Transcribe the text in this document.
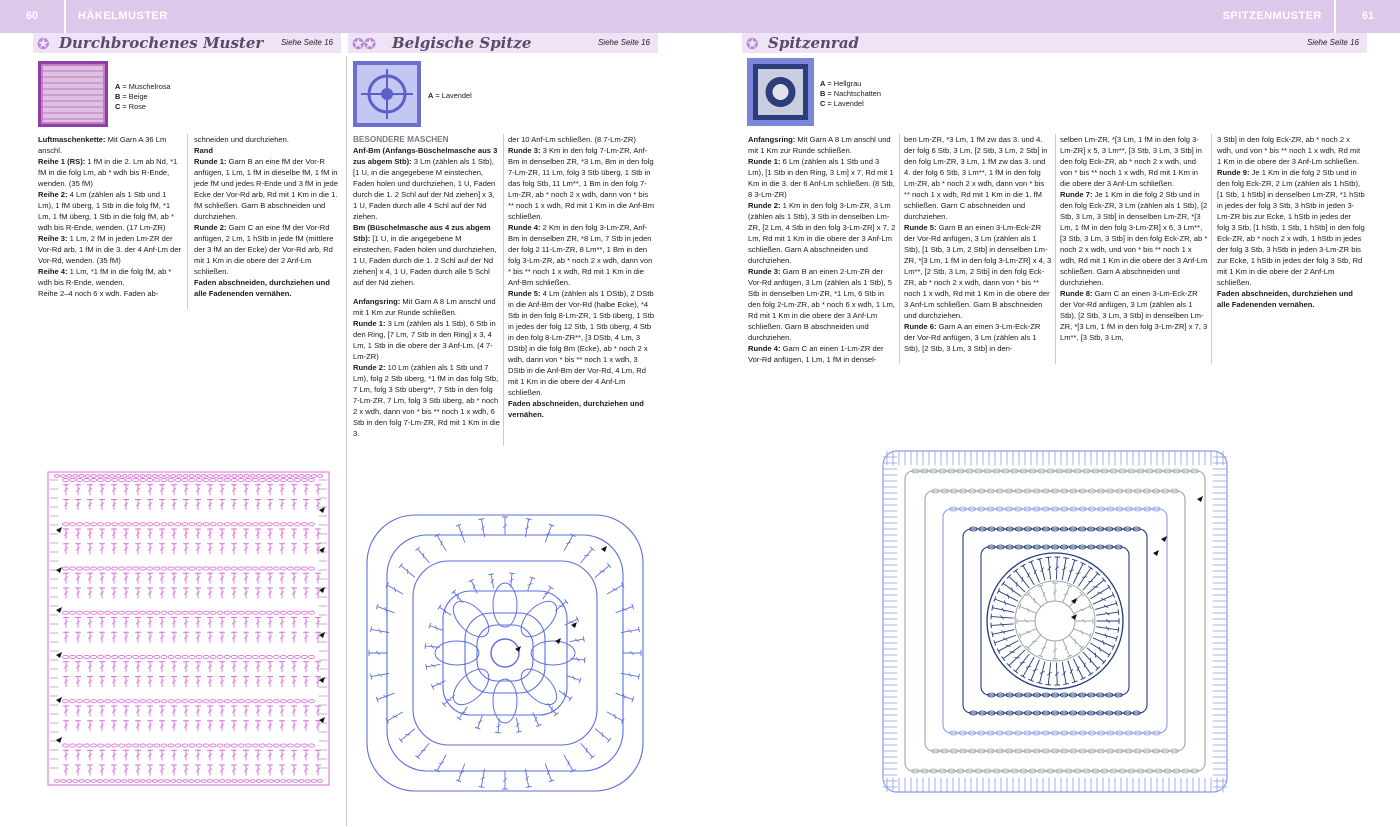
60	HÄKELMUSTER	SPITZENMUSTER	61
✪ Durchbrochenes Muster Siehe Seite 16 ✪✪ Belgische Spitze	Siehe Seite 16	✪ Spitzenrad	Siehe Seite 16
A = Muschelrosa
B = Beige
C = Rose
A = Lavendel
A = Hellgrau
B = Nachtschatten
C = Lavendel

Luftmaschenkette: Mit Garn A 36 Lm anschl.

Reihe 1 (RS): 1 fM in die 2. Lm ab Nd, *1 fM in die folg Lm, ab * wdh bis R-Ende, wenden. (35 fM)

Reihe 2: 4 Lm (zählen als 1 Stb und 1 Lm), 1 fM überg, 1 Stb in die folg fM, *1 Lm, 1 fM überg, 1 Stb in die folg fM, ab * wdh bis R-Ende, wenden. (17 Lm-ZR)

Reihe 3: 1 Lm, 2 fM in jeden Lm-ZR der Vor-Rd arb, 1 fM in die 3. der 4 Anf-Lm der Vor-Rd, wenden. (35 fM)

Reihe 4: 1 Lm, *1 fM in die folg fM, ab * wdh bis R-Ende, wenden.

Reihe 2–4 noch 6 x wdh. Faden ab-

schneiden und durchziehen.

Rand

Runde 1: Garn B an eine fM der Vor-R anfügen, 1 Lm, 1 fM in dieselbe fM, 1 fM in jede fM und jedes R-Ende und 3 fM in jede Ecke der Vor-Rd arb, Rd mit 1 Km in die 1. fM schließen. Garn B abschneiden und durchziehen.

Runde 2: Garn C an eine fM der Vor-Rd anfügen, 2 Lm, 1 hStb in jede fM (mittlere der 3 fM an der Ecke) der Vor-Rd arb, Rd mit 1 Km in die obere der 2 Anf-Lm schließen.

Faden abschneiden, durchziehen und alle Fadenenden vernähen.

BESONDERE MASCHEN

Anf-Bm (Anfangs-Büschelmasche aus 3 zus abgem Stb): 3 Lm (zählen als 1 Stb), [1 U, in die angegebene M einstechen, Faden holen und durchziehen, 1 U, Faden durch die 1. 2 Schl auf der Nd ziehen] x 3, 1 U, Faden durch alle 4 Schl auf der Nd ziehen.

Bm (Büschelmasche aus 4 zus abgem Stb): [1 U, in die angegebene M einstechen, Faden holen und durchziehen, 1 U, Faden durch die 1. 2 Schl auf der Nd ziehen] x 4, 1 U, Faden durch alle 5 Schl auf der Nd ziehen.

Anfangsring: Mit Garn A 8 Lm anschl und mit 1 Km zur Runde schließen.

Runde 1: 3 Lm (zählen als 1 Stb), 6 Stb in den Ring, [7 Lm, 7 Stb in den Ring] x 3, 4 Lm, 1 Stb in die obere der 3 Anf-Lm. (4 7-Lm-ZR)

Runde 2: 10 Lm (zählen als 1 Stb und 7 Lm), folg 2 Stb überg, *1 fM in das folg Stb, 7 Lm, folg 3 Stb überg**, 7 Stb in den folg 7-Lm-ZR, 7 Lm, folg 3 Stb überg, ab * noch 2 x wdh, dann von * bis ** noch 1 x wdh, 6 Stb in den folg 7-Lm-ZR, Rd mit 1 Km in die 3.

der 10 Anf-Lm schließen. (8 7-Lm-ZR)

Runde 3: 3 Km in den folg 7-Lm-ZR, Anf-Bm in denselben ZR, *3 Lm, Bm in den folg 7-Lm-ZR, 11 Lm, folg 3 Stb überg, 1 Stb in das folg Stb, 11 Lm**, 1 Bm in den folg 7-Lm-ZR, ab * noch 2 x wdh, dann von * bis ** noch 1 x wdh, Rd mit 1 Km in die Anf-Bm schließen.

Runde 4: 2 Km in den folg 3-Lm-ZR, Anf-Bm in denselben ZR, *8 Lm, 7 Stb in jeden der folg 2 11-Lm-ZR, 8 Lm**, 1 Bm in den folg 3-Lm-ZR, ab * noch 2 x wdh, dann von * bis ** noch 1 x wdh, Rd mit 1 Km in die Anf-Bm schließen.

Runde 5: 4 Lm (zählen als 1 DStb), 2 DStb in die Anf-Bm der Vor-Rd (halbe Ecke), *4 Stb in den folg 8-Lm-ZR, 1 Stb überg, 1 Stb in jedes der folg 12 Stb, 1 Stb überg, 4 Stb in den folg 8-Lm-ZR**, [3 DStb, 4 Lm, 3 DStb] in die folg Bm (Ecke), ab * noch 2 x wdh, dann von * bis ** noch 1 x wdh, 3 DStb in die Anf-Bm der Vor-Rd, 4 Lm, Rd mit 1 Km in die obere der 4 Anf-Lm schließen.

Faden abschneiden, durchziehen und vernähen.

Anfangsring: Mit Garn A 8 Lm anschl und mit 1 Km zur Runde schließen.

Runde 1: 6 Lm (zählen als 1 Stb und 3 Lm), [1 Stb in den Ring, 3 Lm] x 7, Rd mit 1 Km in die 3. der 6 Anf-Lm schließen. (8 Stb, 8 3-Lm-ZR)

Runde 2: 1 Km in den folg 3-Lm-ZR, 3 Lm (zählen als 1 Stb), 3 Stb in denselben Lm-ZR, [2 Lm, 4 Stb in den folg 3-Lm-ZR] x 7, 2 Lm, Rd mit 1 Km in die obere der 3 Anf-Lm schließen. Garn A abschneiden und durchziehen.

Runde 3: Garn B an einen 2-Lm-ZR der Vor-Rd anfügen, 3 Lm (zählen als 1 Stb), 5 Stb in denselben Lm-ZR, *1 Lm, 6 Stb in den folg 2-Lm-ZR, ab * noch 6 x wdh, 1 Lm, Rd mit 1 Km in die obere der 3 Anf-Lm schließen. Garn B abschneiden und durchziehen.

Runde 4: Garn C an einen 1-Lm-ZR der Vor-Rd anfügen, 1 Lm, 1 fM in densel-

ben Lm-ZR, *3 Lm, 1 fM zw das 3. und 4. der folg 6 Stb, 3 Lm, [2 Stb, 3 Lm, 2 Stb] in den folg Lm-ZR, 3 Lm, 1 fM zw das 3. und 4. der folg 6 Stb, 3 Lm**, 1 fM in den folg Lm-ZR, ab * noch 2 x wdh, dann von * bis ** noch 1 x wdh, Rd mit 1 Km in die 1. fM schließen. Garn C abschneiden und durchziehen.

Runde 5: Garn B an einen 3-Lm-Eck-ZR der Vor-Rd anfügen, 3 Lm (zählen als 1 Stb), [1 Stb, 3 Lm, 2 Stb] in denselben Lm-ZR, *[3 Lm, 1 fM in den folg 3-Lm-ZR] x 4, 3 Lm**, [2 Stb, 3 Lm, 2 Stb] in den folg Eck-ZR, ab * noch 2 x wdh, dann von * bis ** noch 1 x wdh, Rd mit 1 Km in die obere der 3 Anf-Lm schließen. Garn B abschneiden und durchziehen.

Runde 6: Garn A an einen 3-Lm-Eck-ZR der Vor-Rd anfügen, 3 Lm (zählen als 1 Stb), [2 Stb, 3 Lm, 3 Stb] in den-

selben Lm-ZR, *[3 Lm, 1 fM in den folg 3-Lm-ZR] x 5, 3 Lm**, [3 Stb, 3 Lm, 3 Stb] in den folg Eck-ZR, ab * noch 2 x wdh, und von * bis ** noch 1 x wdh, Rd mit 1 Km in die obere der 3 Anf-Lm schließen.

Runde 7: Je 1 Km in die folg 2 Stb und in den folg Eck-ZR, 3 Lm (zählen als 1 Stb), [2 Stb, 3 Lm, 3 Stb] in denselben Lm-ZR, *[3 Lm, 1 fM in den folg 3-Lm-ZR] x 6, 3 Lm**, [3 Stb, 3 Lm, 3 Stb] in den folg Eck-ZR, ab * noch 2 x wdh, und von * bis ** noch 1 x wdh, Rd mit 1 Km in die obere der 3 Anf-Lm schließen. Garn A abschneiden und durchziehen.

Runde 8: Garn C an einen 3-Lm-Eck-ZR der Vor-Rd anfügen, 3 Lm (zählen als 1 Stb), [2 Stb, 3 Lm, 3 Stb] in denselben Lm-ZR, *[3 Lm, 1 fM in den folg 3-Lm-ZR] x 7, 3 Lm**, [3 Stb, 3 Lm,

3 Stb] in den folg Eck-ZR, ab * noch 2 x wdh, und von * bis ** noch 1 x wdh, Rd mit 1 Km in die obere der 3 Anf-Lm schließen.

Runde 9: Je 1 Km in die folg 2 Stb und in den folg Eck-ZR, 2 Lm (zählen als 1 hStb), [1 Stb, 1 hStb] in denselben Lm-ZR, *1 hStb in jedes der folg 3 Stb, 3 hStb in jeden 3-Lm-ZR bis zur Ecke, 1 hStb in jedes der folg 3 Stb, [1 hStb, 1 Stb, 1 hStb] in den folg Eck-ZR, ab * noch 2 x wdh, 1 hStb in jedes der folg 3 Stb, 3 hStb in jeden 3-Lm-ZR bis zur Ecke, 1 hStb in jedes der folg 3 Stb, Rd mit 1 Km in die obere der 2 Anf-Lm schließen.

Faden abschneiden, durchziehen und alle Fadenenden vernähen.
